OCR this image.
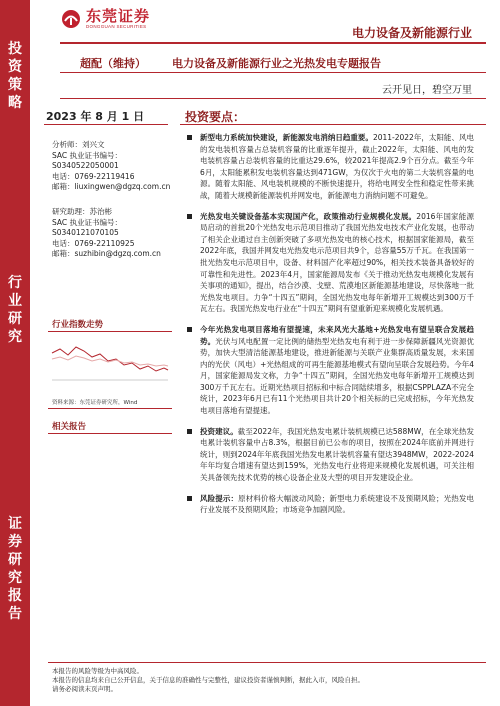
投
资
策
略
行
业
研
究
证
券
研
究
报
告
东莞证券
DONGGUAN SECURITIES	电力设备及新能源行业
超配（维持） 电力设备及新能源行业之光热发电专题报告
云开见日，碧空万里
2023 年 8 月 1 日	投资要点：
分析师：刘兴文
SAC 执业证书编号：
S0340522050001
电话：0769-22119416
邮箱：liuxingwen@dgzq.com.cn
研究助理：苏治彬
SAC 执业证书编号：
S0340121070105
电话：0769-22110925
邮箱：suzhibin@dgzq.com.cn
行业指数走势
资料来源：东莞证券研究所，Wind
相关报告
新型电力系统加快建设，新能源发电消纳日趋重要。2011-2022年，太阳能、风电的发电装机容量占总装机容量的比重逐年提升，截止2022年，太阳能、风电的发电装机容量占总装机容量的比重达29.6%，较2021年提高2.9个百分点。截至今年6月，太阳能累积发电装机容量达到471GW，为仅次于火电的第二大装机容量的电源。随着太阳能、风电装机规模的不断快速提升，将给电网安全性和稳定性带来挑战，随着大规模新能源装机并网发电，新能源电力消纳问题不可避免。
光热发电关键设备基本实现国产化，政策推动行业规模化发展。2016年国家能源局启动的首批20个光热发电示范项目推动了我国光热发电技术产业化发展，也带动了相关企业通过自主创新突破了多项光热发电的核心技术，根据国家能源局，截至2022年底，我国并网发电光热发电示范项目共9个，总容量55万千瓦。在我国第一批光热发电示范项目中，设备、材料国产化率超过90%，相关技术装备具备较好的可靠性和先进性。2023年4月，国家能源局发布《关于推动光热发电规模化发展有关事项的通知》，提出，结合沙漠、戈壁、荒漠地区新能源基地建设，尽快落地一批光热发电项目。力争“十四五”期间，全国光热发电每年新增开工规模达到300万千瓦左右。我国光热发电行业在“十四五”期间有望重新迎来规模化发展机遇。
今年光热发电项目落地有望提速，未来风光大基地+光热发电有望呈联合发展趋势。光伏与风电配置一定比例的储热型光热发电有利于进一步保障新疆风光资源优势，加快大型清洁能源基地建设，推进新能源与关联产业集群高质量发展，未来国内的光伏（风电）+光热组成的可再生能源基地模式有望向呈联合发展趋势。今年4月，国家能源局发文称，力争“十四五”期间，全国光热发电每年新增开工规模达到300万千瓦左右。近期光热项目招标和中标合同陆续增多，根据CSPPLAZA不完全统计，2023年6月已有11个光热项目共计20个相关标的已完成招标，今年光热发电项目落地有望提速。
投资建议。截至2022年，我国光热发电累计装机规模已达588MW，在全球光热发电累计装机容量中占8.3%，根据目前已公布的项目，按照在2024年底前并网进行统计，则到2024年年底我国光热发电累计装机容量有望达3948MW，2022-2024年年均复合增速有望达到159%，光热发电行业将迎来规模化发展机遇，可关注相关具备领先技术优势的核心设备企业及大型的项目开发建设企业。
风险提示：原材料价格大幅波动风险；新型电力系统建设不及预期风险；光热发电行业发展不及预期风险；市场竞争加剧风险。
本报告的风险等级为中高风险。
本报告的信息均来自已公开信息，关于信息的准确性与完整性，建议投资者谨慎判断，据此入市，风险自担。
请务必阅读末页声明。
